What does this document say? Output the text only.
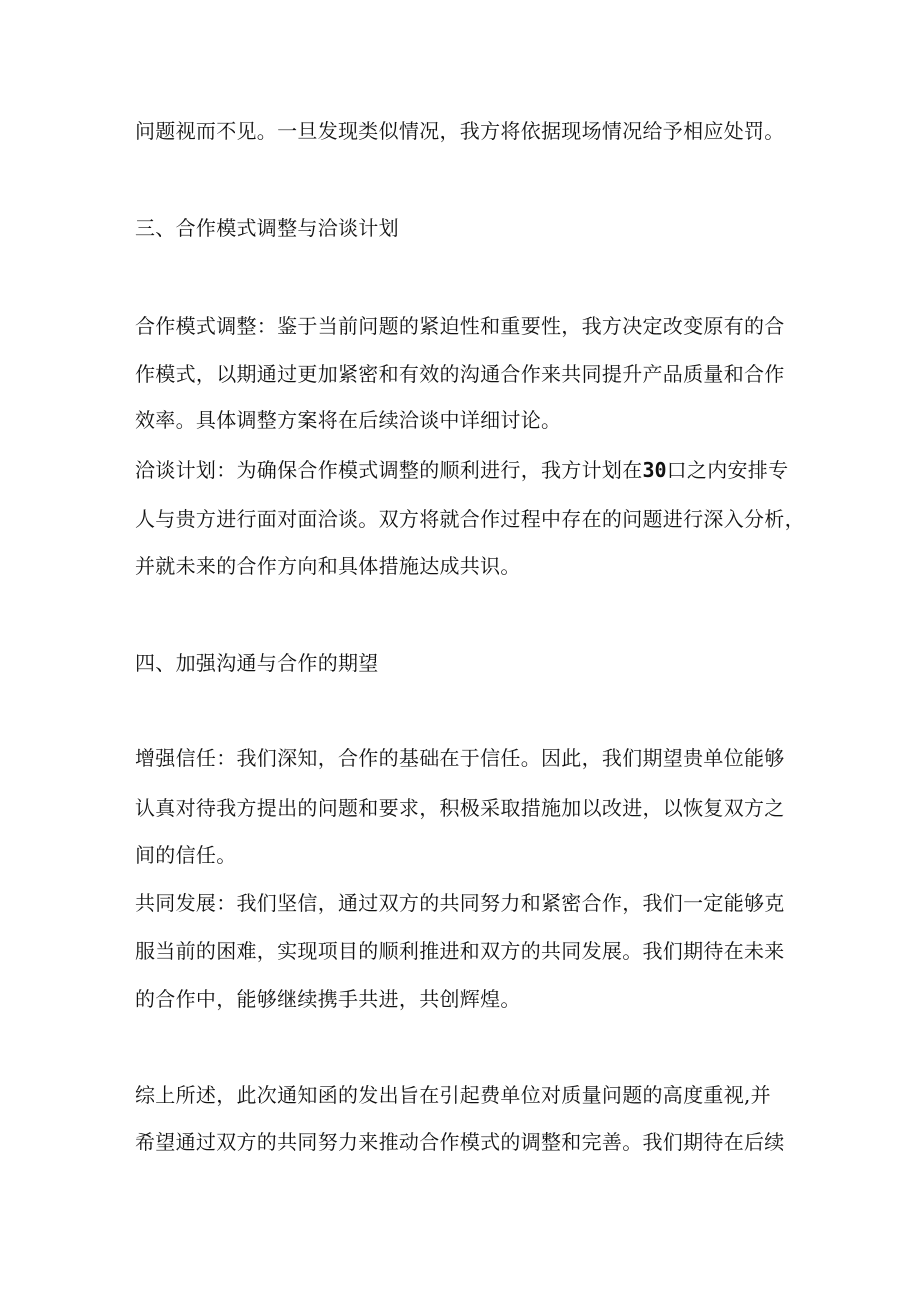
问题视而不见。一旦发现类似情况，我方将依据现场情况给予相应处罚。
三、合作模式调整与洽谈计划
合作模式调整：鉴于当前问题的紧迫性和重要性，我方决定改变原有的合
作模式，以期通过更加紧密和有效的沟通合作来共同提升产品质量和合作
效率。具体调整方案将在后续洽谈中详细讨论。
洽谈计划：为确保合作模式调整的顺利进行，我方计划在30口之内安排专
人与贵方进行面对面洽谈。双方将就合作过程中存在的问题进行深入分析，
并就未来的合作方向和具体措施达成共识。
四、加强沟通与合作的期望
增强信任：我们深知，合作的基础在于信任。因此，我们期望贵单位能够
认真对待我方提出的问题和要求，积极采取措施加以改进，以恢复双方之
间的信任。
共同发展：我们坚信，通过双方的共同努力和紧密合作，我们一定能够克
服当前的困难，实现项目的顺利推进和双方的共同发展。我们期待在未来
的合作中，能够继续携手共进，共创辉煌。
综上所述，此次通知函的发出旨在引起费单位对质量问题的高度重视,并
希望通过双方的共同努力来推动合作模式的调整和完善。我们期待在后续
